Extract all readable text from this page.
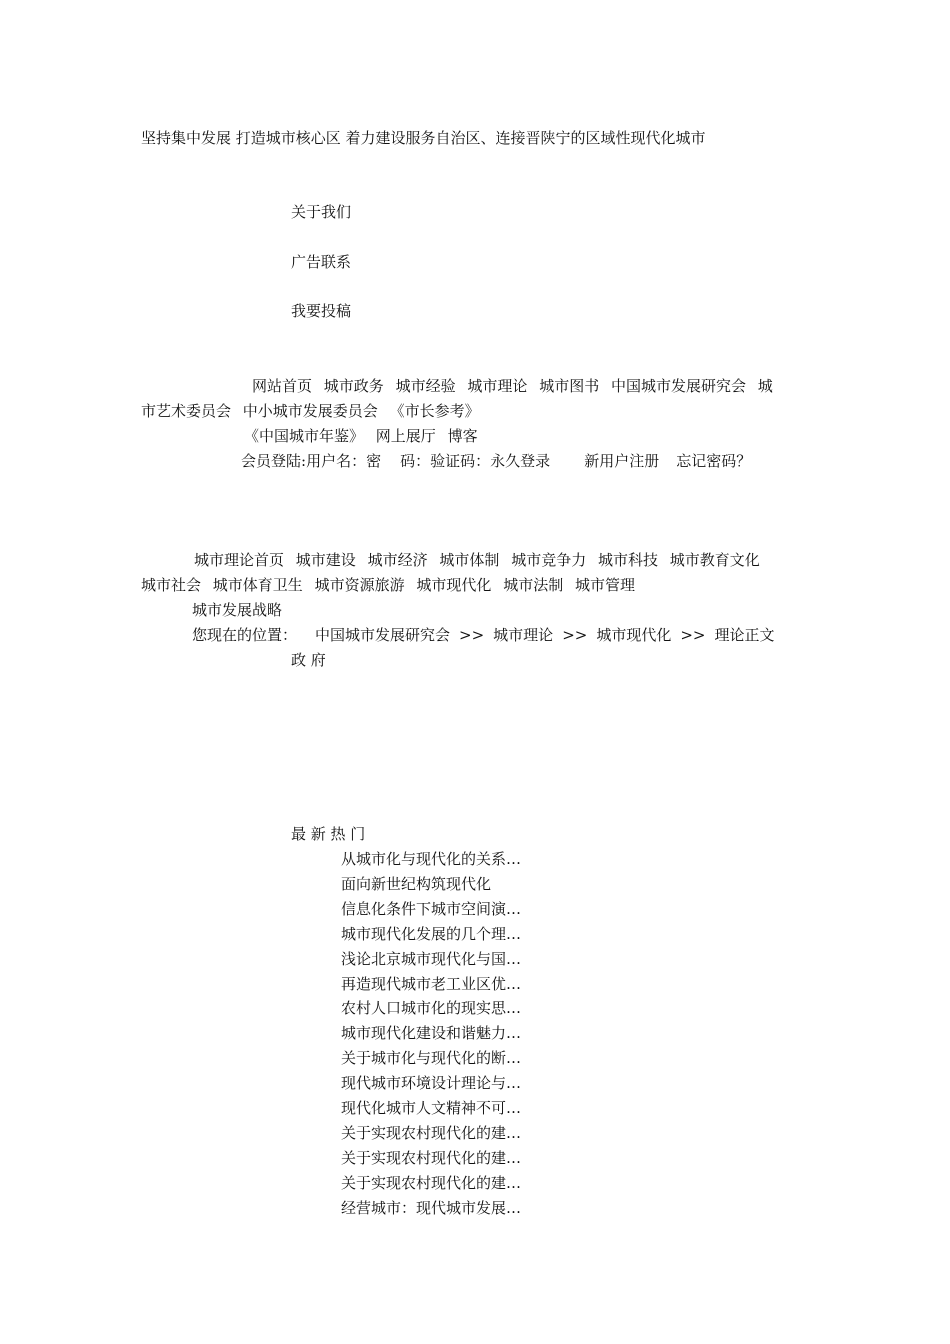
坚持集中发展 打造城市核心区 着力建设服务自治区、连接晋陕宁的区域性现代化城市
关于我们
广告联系
我要投稿
网站首页 城市政务 城市经验 城市理论 城市图书 中国城市发展研究会 城
市艺术委员会 中小城市发展委员会 《市长参考》
《中国城市年鉴》 网上展厅 博客
会员登陆:用户名：密    码：验证码：永久登录 新用户注册 忘记密码？
城市理论首页 城市建设 城市经济 城市体制 城市竞争力 城市科技 城市教育文化
城市社会 城市体育卫生 城市资源旅游 城市现代化 城市法制 城市管理
城市发展战略
您现在的位置： 中国城市发展研究会 >> 城市理论 >> 城市现代化 >> 理论正文
政 府
最 新 热 门
从城市化与现代化的关系…
面向新世纪构筑现代化
信息化条件下城市空间演…
城市现代化发展的几个理…
浅论北京城市现代化与国…
再造现代城市老工业区优…
农村人口城市化的现实思…
城市现代化建设和谐魅力…
关于城市化与现代化的断…
现代城市环境设计理论与…
现代化城市人文精神不可…
关于实现农村现代化的建…
关于实现农村现代化的建…
关于实现农村现代化的建…
经营城市：现代城市发展…
